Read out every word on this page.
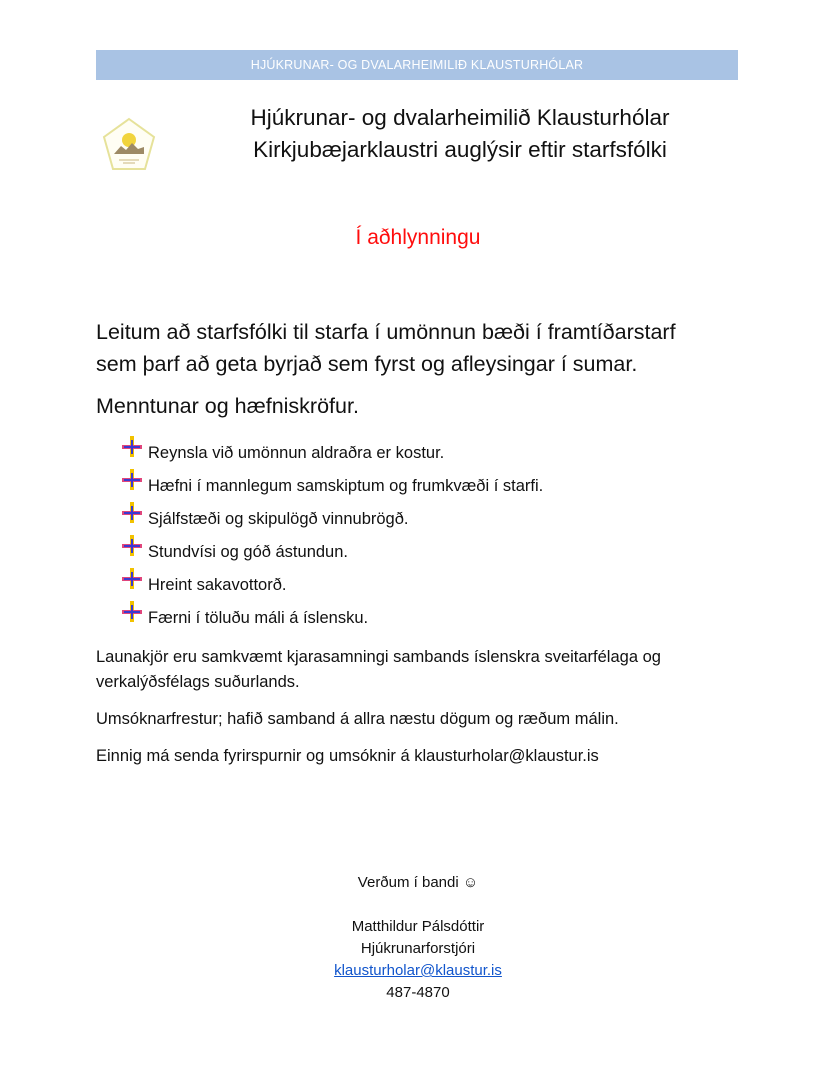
HJÚKRUNAR- OG DVALARHEIMILIÐ KLAUSTURHÓLAR
Hjúkrunar- og dvalarheimilið Klausturhólar
Kirkjubæjarklaustri auglýsir eftir starfsfólki
Í aðhlynningu
Leitum að starfsfólki til starfa í umönnun bæði í framtíðarstarf
sem þarf að geta byrjað sem fyrst og afleysingar í sumar.
Menntunar og hæfniskröfur.
Reynsla við umönnun aldraðra er kostur.
Hæfni í mannlegum samskiptum og frumkvæði í starfi.
Sjálfstæði og skipulögð vinnubrögð.
Stundvísi og góð ástundun.
Hreint sakavottorð.
Færni í töluðu máli á íslensku.
Launakjör eru samkvæmt kjarasamningi sambands íslenskra sveitarfélaga og
verkalýðsfélags suðurlands.
Umsóknarfrestur; hafið samband á allra næstu dögum og ræðum málin.
Einnig má senda fyrirspurnir og umsóknir á klausturholar@klaustur.is
Verðum í bandi ☺
Matthildur Pálsdóttir
Hjúkrunarforstjóri
klausturholar@klaustur.is
487-4870
